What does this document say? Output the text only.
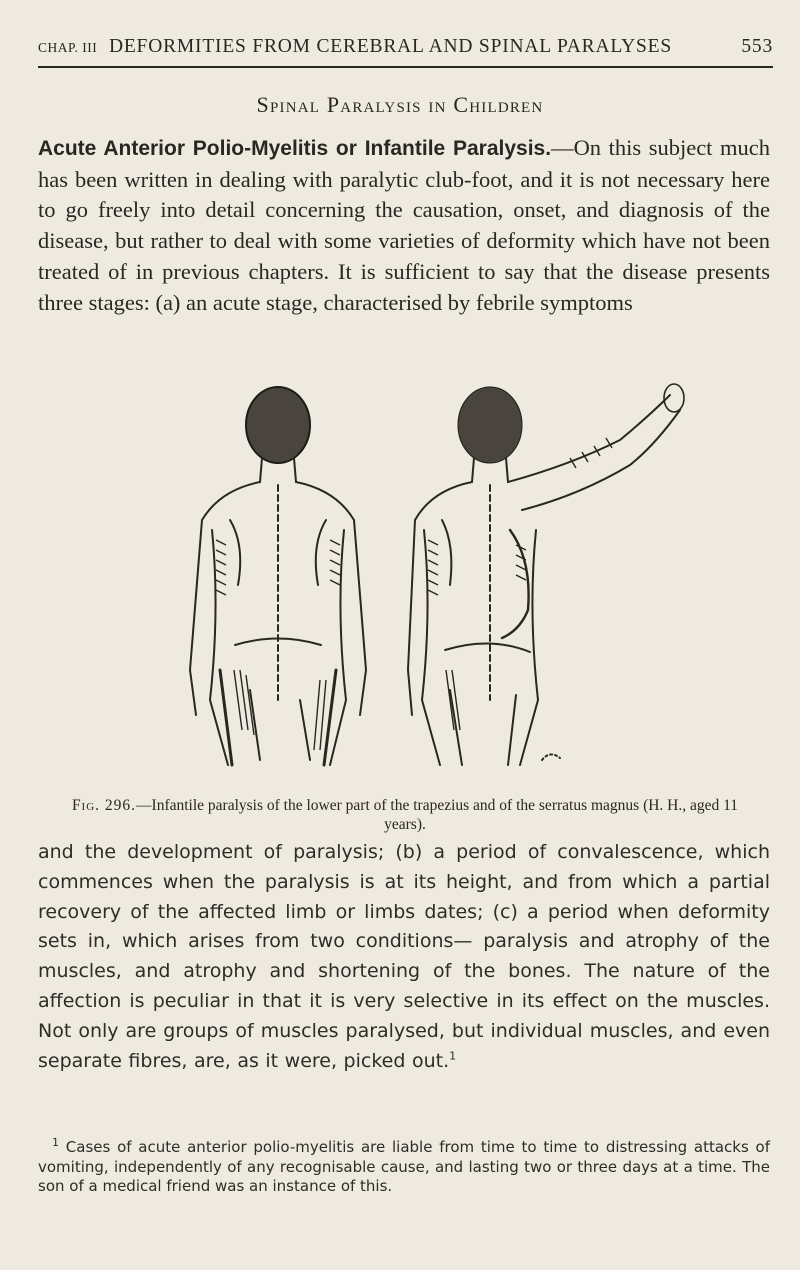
CHAP. III DEFORMITIES FROM CEREBRAL AND SPINAL PARALYSES	553
Spinal Paralysis in Children
Acute Anterior Polio-Myelitis or Infantile Paralysis.—On this subject much has been written in dealing with paralytic club-foot, and it is not necessary here to go freely into detail concerning the causation, onset, and diagnosis of the disease, but rather to deal with some varieties of deformity which have not been treated of in previous chapters. It is sufficient to say that the disease presents three stages: (a) an acute stage, characterised by febrile symptoms
Fig. 296.—Infantile paralysis of the lower part of the trapezius and of the serratus magnus (H. H., aged 11 years).
and the development of paralysis; (b) a period of convalescence, which commences when the paralysis is at its height, and from which a partial recovery of the affected limb or limbs dates; (c) a period when deformity sets in, which arises from two conditions— paralysis and atrophy of the muscles, and atrophy and shortening of the bones. The nature of the affection is peculiar in that it is very selective in its effect on the muscles. Not only are groups of muscles paralysed, but individual muscles, and even separate fibres, are, as it were, picked out.$^1$
$^1$ Cases of acute anterior polio-myelitis are liable from time to time to distressing attacks of vomiting, independently of any recognisable cause, and lasting two or three days at a time. The son of a medical friend was an instance of this.
